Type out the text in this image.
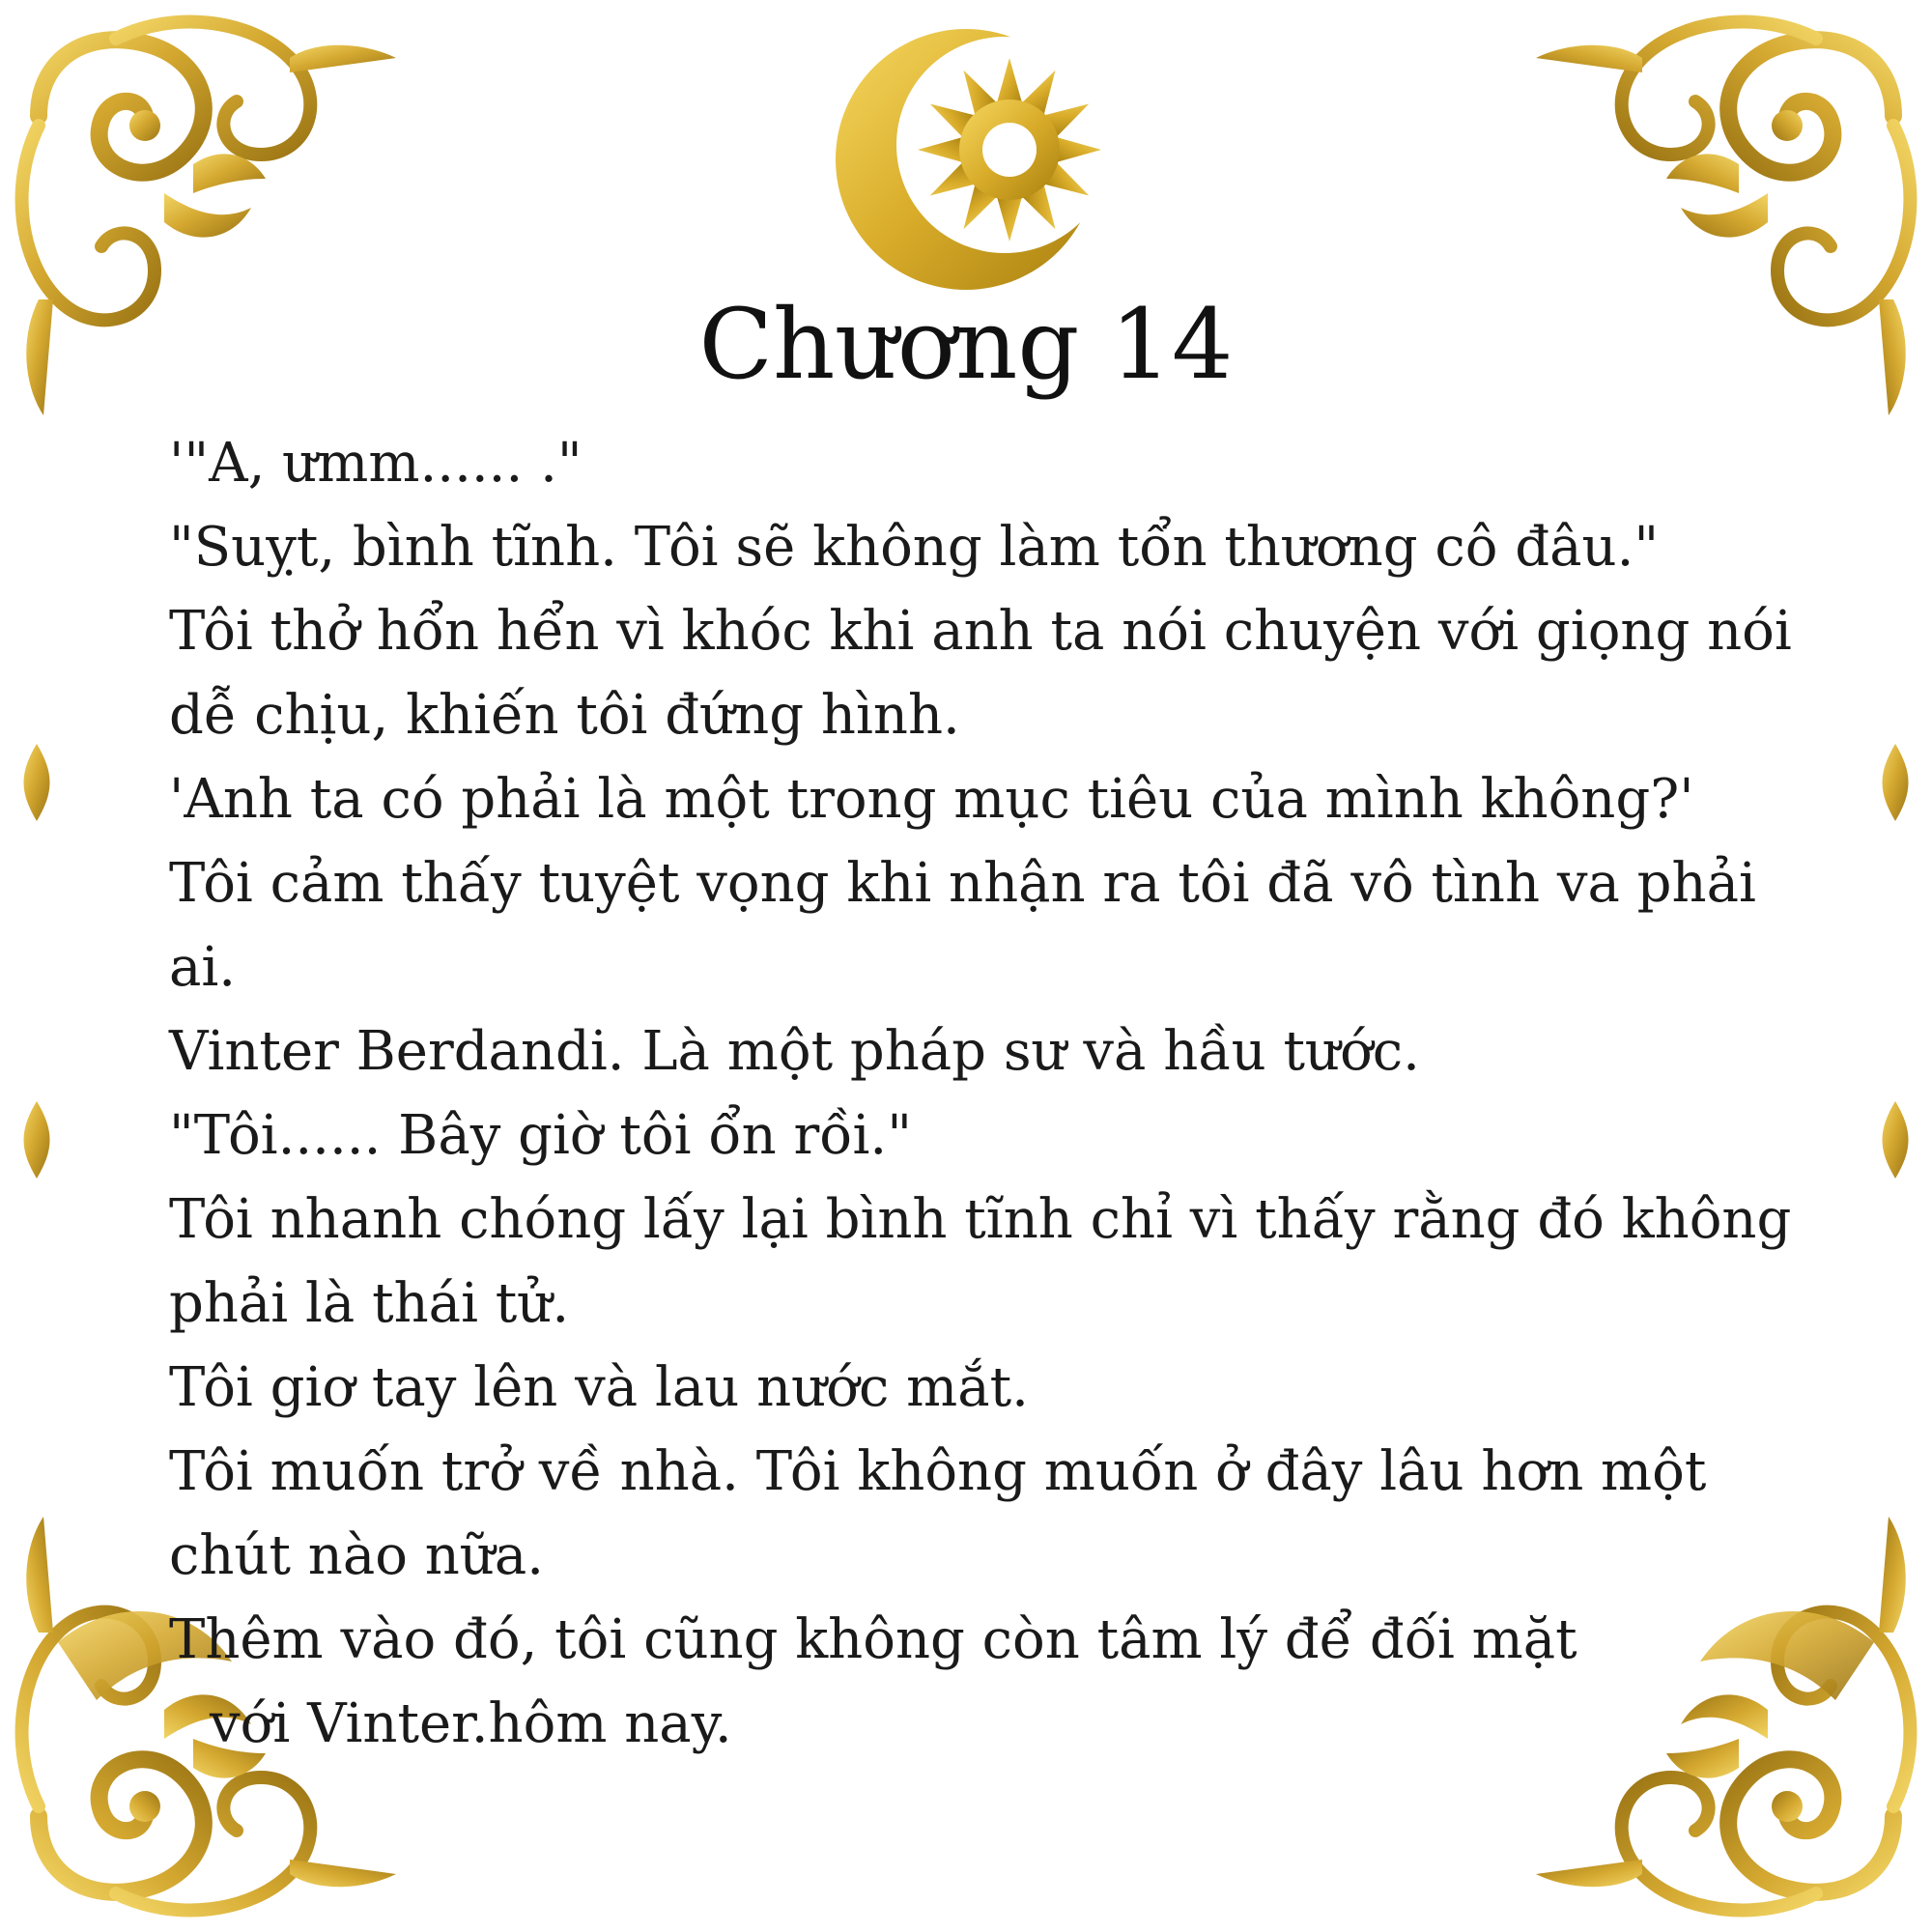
Chương 14

'"A, ưmm...... ."

"Suỵt, bình tĩnh. Tôi sẽ không làm tổn thương cô đâu."

Tôi thở hổn hển vì khóc khi anh ta nói chuyện với giọng nói

dễ chịu, khiến tôi đứng hình.

'Anh ta có phải là một trong mục tiêu của mình không?'

Tôi cảm thấy tuyệt vọng khi nhận ra tôi đã vô tình va phải

ai.

Vinter Berdandi. Là một pháp sư và hầu tước.

"Tôi...... Bây giờ tôi ổn rồi."

Tôi nhanh chóng lấy lại bình tĩnh chỉ vì thấy rằng đó không

phải là thái tử.

Tôi giơ tay lên và lau nước mắt.

Tôi muốn trở về nhà. Tôi không muốn ở đây lâu hơn một

chút nào nữa.

Thêm vào đó, tôi cũng không còn tâm lý để đối mặt

với Vinter.hôm nay.
